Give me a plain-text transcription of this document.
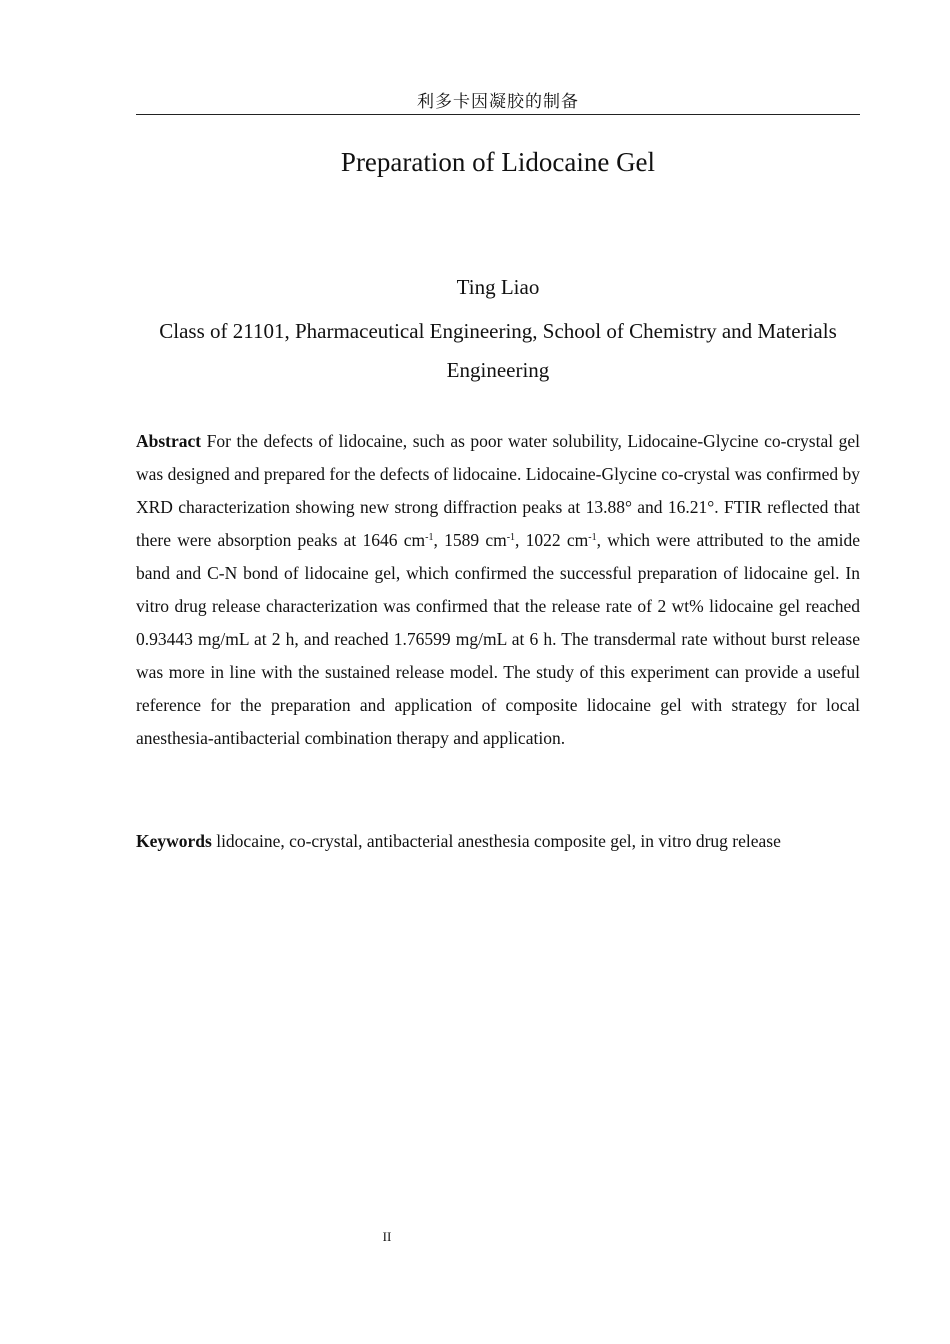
利多卡因凝胶的制备
Preparation of Lidocaine Gel
Ting Liao
Class of 21101, Pharmaceutical Engineering, School of Chemistry and Materials Engineering

Abstract For the defects of lidocaine, such as poor water solubility, Lidocaine-Glycine co-crystal gel was designed and prepared for the defects of lidocaine. Lidocaine-Glycine co-crystal was confirmed by XRD characterization showing new strong diffraction peaks at 13.88° and 16.21°. FTIR reflected that there were absorption peaks at 1646 $cm^{-1}$, 1589 $cm^{-1}$, 1022 $cm^{-1}$, which were attributed to the amide band and C-N bond of lidocaine gel, which confirmed the successful preparation of lidocaine gel. In vitro drug release characterization was confirmed that the release rate of 2 wt% lidocaine gel reached 0.93443 mg/mL at 2 h, and reached 1.76599 mg/mL at 6 h. The transdermal rate without burst release was more in line with the sustained release model. The study of this experiment can provide a useful reference for the preparation and application of composite lidocaine gel with strategy for local anesthesia-antibacterial combination therapy and application.

Keywords lidocaine, co-crystal, antibacterial anesthesia composite gel, in vitro drug release

II
